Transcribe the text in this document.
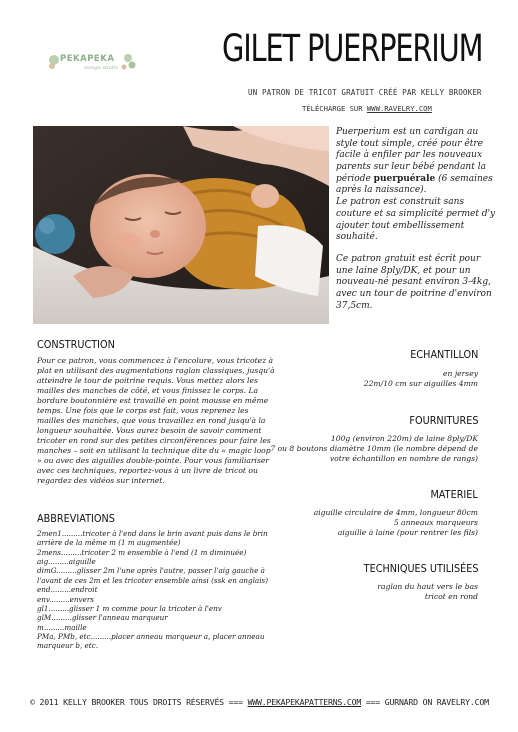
PEKAPEKA
design studio	GILET PUERPERIUM
UN PATRON DE TRICOT GRATUIT CRÉÉ PAR KELLY BROOKER
TÉLÉCHARGE SUR WWW.RAVELRY.COM

Puerperium est un cardigan au style tout simple, créé pour être facile à enfiler par les nouveaux parents sur leur bébé pendant la période puerpuérale (6 semaines après la naissance).
Le patron est construit sans couture et sa simplicité permet d'y ajouter tout embellissement souhaité.

Ce patron gratuit est écrit pour une laine 8ply/DK, et pour un nouveau-né pesant environ 3-4kg, avec un tour de poitrine d'environ 37,5cm.

CONSTRUCTION
Pour ce patron, vous commencez à l'encolure, vous tricotez à plat en utilisant des augmentations raglan classiques, jusqu'à atteindre le tour de poitrine requis. Vous mettez alors les mailles des manches de côté, et vous finissez le corps. La bordure boutonnière est travaillé en point mousse en même temps. Une fois que le corps est fait, vous reprenez les mailles des manches, que vous travaillez en rond jusqu'à la longueur souhaitée. Vous aurez besoin de savoir comment tricoter en rond sur des petites circonférences pour faire les manches – soit en utilisant la technique dite du « magic loop » ou avec des aiguilles double-pointe. Pour vous familiariser avec ces techniques, reportez-vous à un livre de tricot ou regardez des vidéos sur internet.
ABBREVIATIONS
2men1.........tricoter à l'end dans le brin avant puis dans le brin arrière de la même m (1 m augmentée)
2mens.........tricoter 2 m ensemble à l'end (1 m diminuée)
aig.........aiguille
dimG.........glisser 2m l'une après l'autre, passer l'aig gauche à l'avant de ces 2m et les tricoter ensemble ainsi (ssk en anglais)
end.........endroit
env.........envers
gl1.........glisser 1 m comme pour la tricoter à l'env
glM.........glisser l'anneau marqueur
m.........maille
PMa, PMb, etc.........placer anneau marqueur a, placer anneau marqueur b, etc.
ECHANTILLON
en jersey
22m/10 cm sur aiguilles 4mm
FOURNITURES
100g (environ 220m) de laine 8ply/DK
7 ou 8 boutons diamètre 10mm (le nombre dépend de votre échantillon en nombre de rangs)
MATERIEL
aiguille circulaire de 4mm, longueur 80cm
5 anneaux marqueurs
aiguille à laine (pour rentrer les fils)
TECHNIQUES UTILISÉES
raglan du haut vers le bas
tricot en rond
© 2011 KELLY BROOKER TOUS DROITS RÉSERVÉS === WWW.PEKAPEKAPATTERNS.COM === GURNARD ON RAVELRY.COM
